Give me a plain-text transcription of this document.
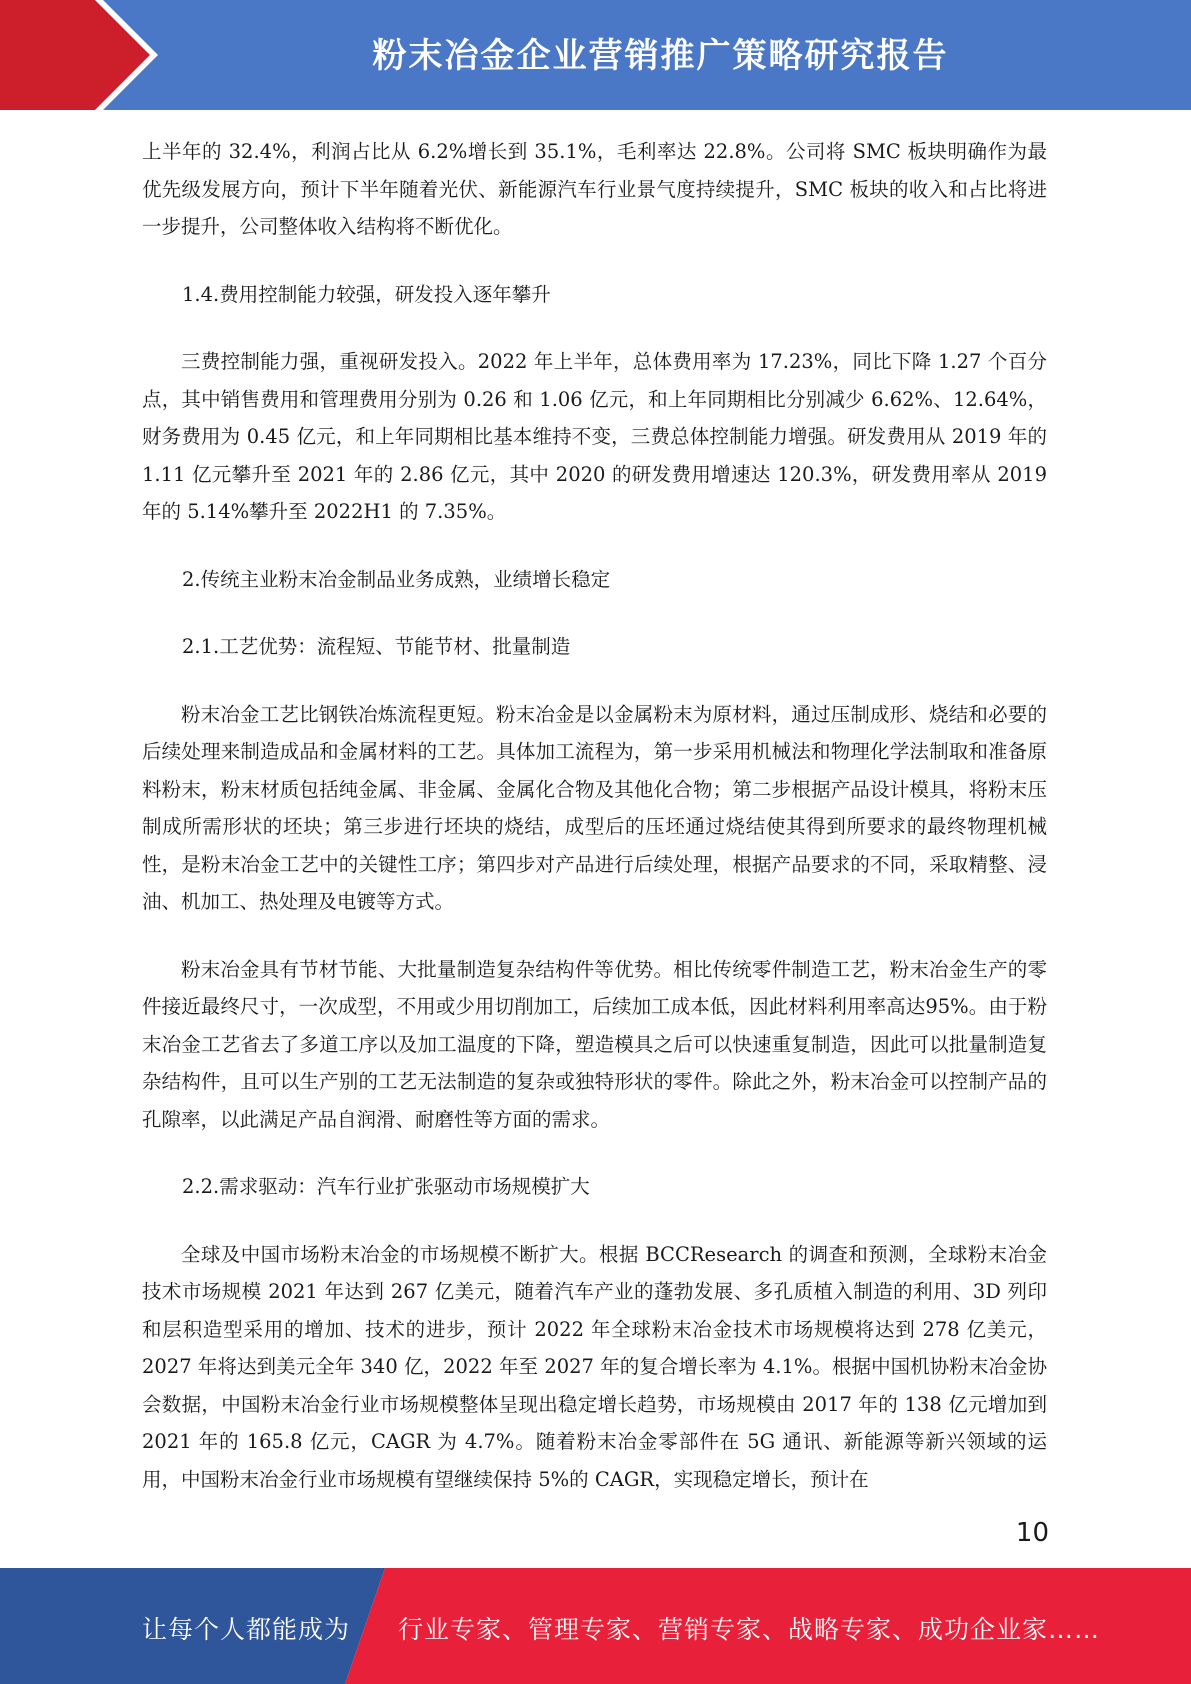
粉末冶金企业营销推广策略研究报告

上半年的 32.4%，利润占比从 6.2%增长到 35.1%，毛利率达 22.8%。公司将 SMC 板块明确作为最优先级发展方向，预计下半年随着光伏、新能源汽车行业景气度持续提升，SMC 板块的收入和占比将进一步提升，公司整体收入结构将不断优化。

1.4.费用控制能力较强，研发投入逐年攀升

三费控制能力强，重视研发投入。2022 年上半年，总体费用率为 17.23%，同比下降 1.27 个百分点，其中销售费用和管理费用分别为 0.26 和 1.06 亿元，和上年同期相比分别减少 6.62%、12.64%，财务费用为 0.45 亿元，和上年同期相比基本维持不变，三费总体控制能力增强。研发费用从 2019 年的 1.11 亿元攀升至 2021 年的 2.86 亿元，其中 2020 的研发费用增速达 120.3%，研发费用率从 2019 年的 5.14%攀升至 2022H1 的 7.35%。

2.传统主业粉末冶金制品业务成熟，业绩增长稳定

2.1.工艺优势：流程短、节能节材、批量制造

粉末冶金工艺比钢铁冶炼流程更短。粉末冶金是以金属粉末为原材料，通过压制成形、烧结和必要的后续处理来制造成品和金属材料的工艺。具体加工流程为，第一步采用机械法和物理化学法制取和准备原料粉末，粉末材质包括纯金属、非金属、金属化合物及其他化合物；第二步根据产品设计模具，将粉末压制成所需形状的坯块；第三步进行坯块的烧结，成型后的压坯通过烧结使其得到所要求的最终物理机械性，是粉末冶金工艺中的关键性工序；第四步对产品进行后续处理，根据产品要求的不同，采取精整、浸油、机加工、热处理及电镀等方式。

粉末冶金具有节材节能、大批量制造复杂结构件等优势。相比传统零件制造工艺，粉末冶金生产的零件接近最终尺寸，一次成型，不用或少用切削加工，后续加工成本低，因此材料利用率高达95%。由于粉末冶金工艺省去了多道工序以及加工温度的下降，塑造模具之后可以快速重复制造，因此可以批量制造复杂结构件，且可以生产别的工艺无法制造的复杂或独特形状的零件。除此之外，粉末冶金可以控制产品的孔隙率，以此满足产品自润滑、耐磨性等方面的需求。

2.2.需求驱动：汽车行业扩张驱动市场规模扩大

全球及中国市场粉末冶金的市场规模不断扩大。根据 BCCResearch 的调查和预测，全球粉末冶金技术市场规模 2021 年达到 267 亿美元，随着汽车产业的蓬勃发展、多孔质植入制造的利用、3D 列印和层积造型采用的增加、技术的进步，预计 2022 年全球粉末冶金技术市场规模将达到 278 亿美元，2027 年将达到美元全年 340 亿，2022 年至 2027 年的复合增长率为 4.1%。根据中国机协粉末冶金协会数据，中国粉末冶金行业市场规模整体呈现出稳定增长趋势，市场规模由 2017 年的 138 亿元增加到 2021 年的 165.8 亿元，CAGR 为 4.7%。随着粉末冶金零部件在 5G 通讯、新能源等新兴领域的运用，中国粉末冶金行业市场规模有望继续保持 5%的 CAGR，实现稳定增长，预计在

10
让每个人都能成为 行业专家、管理专家、营销专家、战略专家、成功企业家……
